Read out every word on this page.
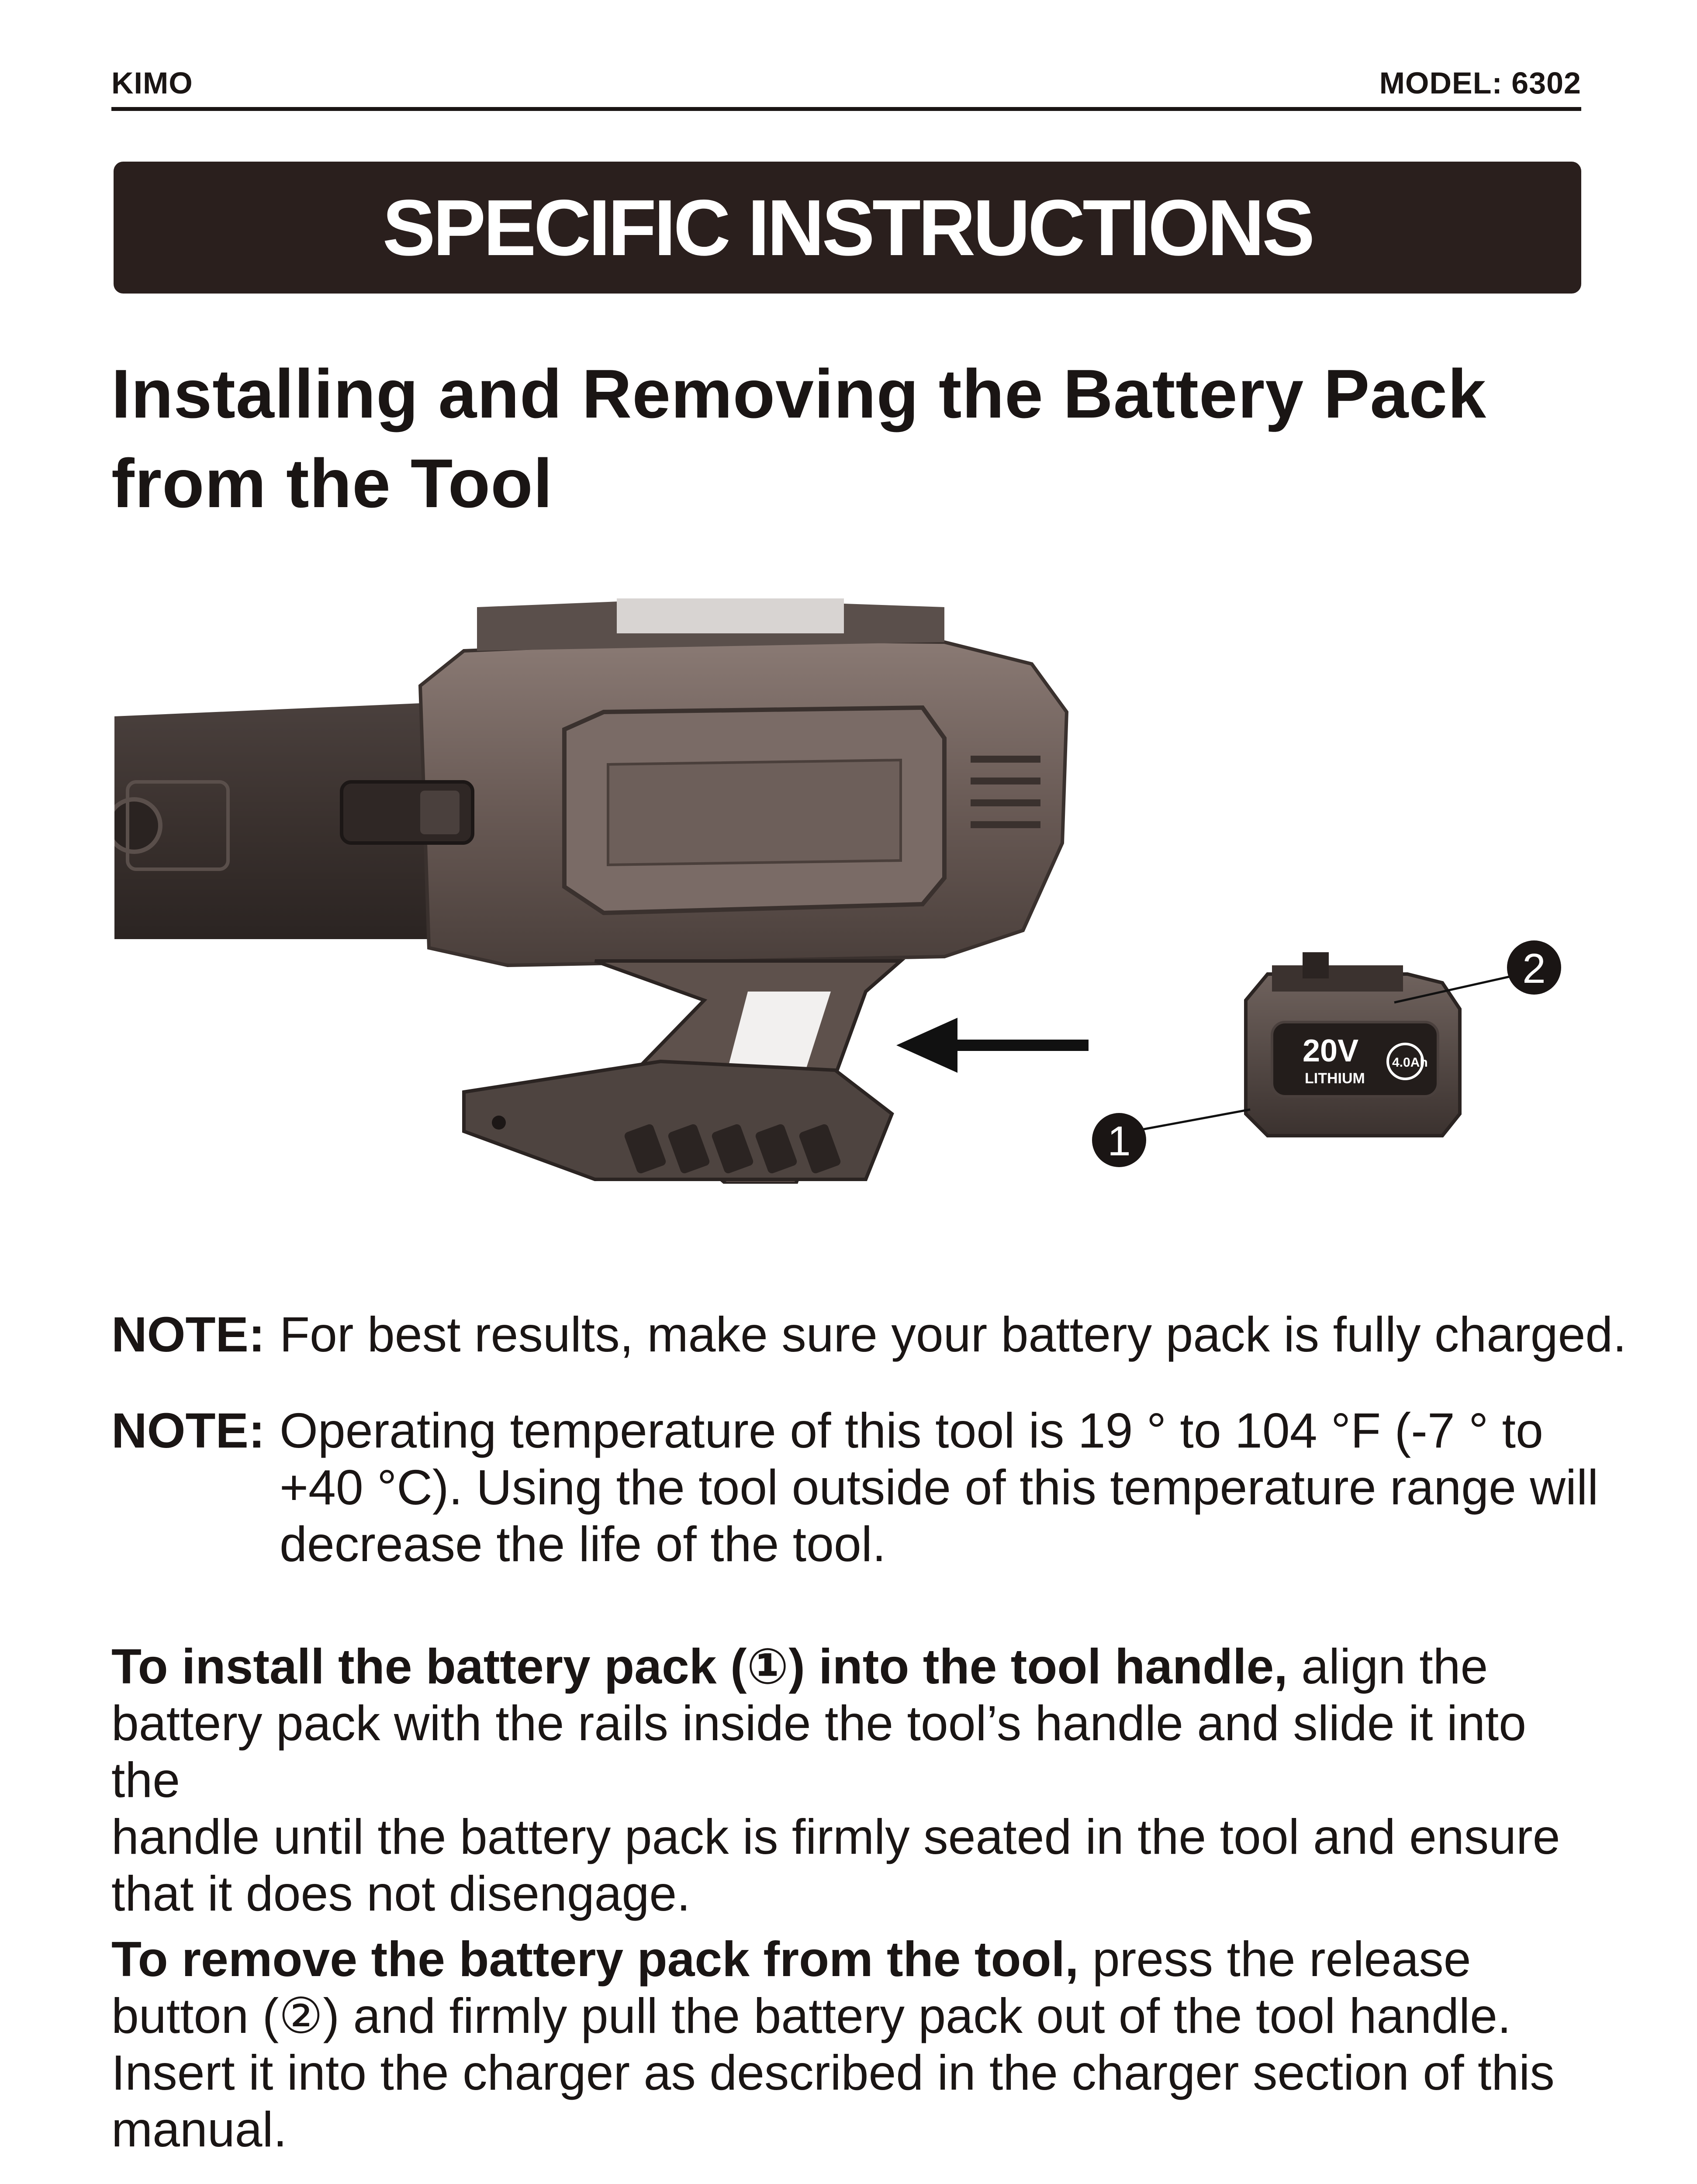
KIMO	MODEL: 6302
SPECIFIC INSTRUCTIONS
Installing and Removing the Battery Pack
from the Tool
20V
LITHIUM
4.0Ah
1
2
NOTE: For best results, make sure your battery pack is fully charged.
NOTE: Operating temperature of this tool is 19 ° to 104 °F (-7 ° to
+40 °C). Using the tool outside of this temperature range will
decrease the life of the tool.
To install the battery pack (①) into the tool handle, align the
battery pack with the rails inside the tool’s handle and slide it into the
handle until the battery pack is firmly seated in the tool and ensure
that it does not disengage.
To remove the battery pack from the tool, press the release
button (②) and firmly pull the battery pack out of the tool handle.
Insert it into the charger as described in the charger section of this
manual.
